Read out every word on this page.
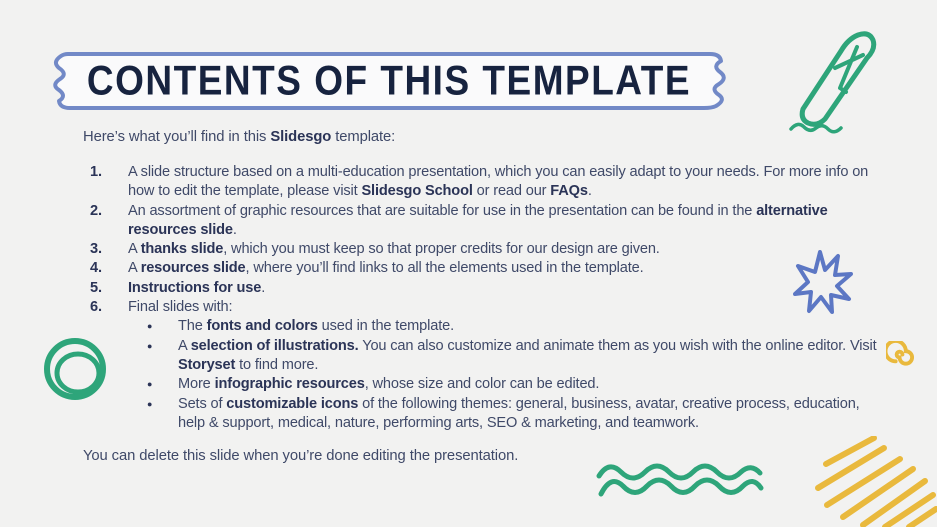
CONTENTS OF THIS TEMPLATE
Here’s what you’ll find in this Slidesgo template:
1.	A slide structure based on a multi-education presentation, which you can easily adapt to your needs. For more info on how to edit the template, please visit Slidesgo School or read our FAQs.
2.	An assortment of graphic resources that are suitable for use in the presentation can be found in the alternative resources slide.
3.	A thanks slide, which you must keep so that proper credits for our design are given.
4.	A resources slide, where you’ll find links to all the elements used in the template.
5.	Instructions for use.
6.	Final slides with:
●	The fonts and colors used in the template.
●	A selection of illustrations. You can also customize and animate them as you wish with the online editor. Visit Storyset to find more.
●	More infographic resources, whose size and color can be edited.
●	Sets of customizable icons of the following themes: general, business, avatar, creative process, education, help & support, medical, nature, performing arts, SEO & marketing, and teamwork.
You can delete this slide when you’re done editing the presentation.
